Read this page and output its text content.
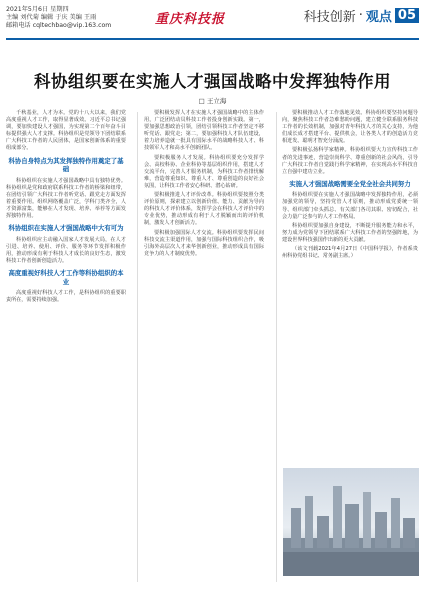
2021年5月6日 星期四
主编 刘代菊 编辑 于庆 美编 王雨
邮箱电话 cqltechbao@vip.163.com	重庆科技报	科技创新 · 观点 05
科协组织要在实施人才强国战略中发挥独特作用
□ 王立海

千秋基业，人才为本。党的十八大以来，我们党高度重视人才工作，取得显著成效。习近平总书记强调，要加快建设人才强国，为实现第二个百年奋斗目标提供强大人才支撑。科协组织是党领导下团结联系广大科技工作者的人民团体，是国家创新体系的重要组成部分。

科协自身特点为其发挥独特作用奠定了基础

科协组织在实施人才强国战略中具有独特优势。科协组织是党和政府联系科技工作者的桥梁和纽带，在团结引领广大科技工作者听党话、跟党走方面发挥着重要作用。组织网络覆盖广泛，学科门类齐全，人才资源富集，能够在人才发现、培养、举荐等方面发挥独特作用。

科协组织在实施人才强国战略中大有可为

科协组织应主动融入国家人才发展大局，在人才引进、培养、使用、评价、服务等环节发挥积极作用，推动形成有利于科技人才成长的良好生态，激发科技工作者创新创造活力。

高度重视好科技人才工作等科协组织的本业

高度重视好科技人才工作，是科协组织的重要职责所在，需要持续加强。

要积极发挥人才在实施人才强国战略中的主体作用，广泛团结动员科技工作者投身创新实践。第一，要加强思想政治引领，团结引领科技工作者坚定不移听党话、跟党走；第二，要加强科技人才队伍建设，着力培养造就一批具有国际水平的战略科技人才、科技领军人才和高水平创新团队。

要积极服务人才发展。科协组织要充分发挥学会、高校科协、企业科协等基层组织作用，搭建人才交流平台，完善人才服务机制，为科技工作者排忧解难，营造尊重知识、尊重人才、尊重创造的良好社会氛围，让科技工作者安心科研、潜心钻研。

要积极推进人才评价改革。科协组织要按照分类评价原则，探索建立以创新价值、能力、贡献为导向的科技人才评价体系，发挥学会在科技人才评价中的专业优势，推动形成有利于人才脱颖而出的评价机制，激发人才创新活力。

要积极加强国际人才交流。科协组织要发挥民间科技交流主渠道作用，加强与国际科技组织合作，吸引海外高层次人才来华创新创业，推动形成具有国际竞争力的人才制度优势。

要积极推动人才工作落地见效。科协组织要坚持问题导向，聚焦科技工作者急难愁盼问题，建立健全联系服务科技工作者的长效机制，加强对青年科技人才的关心支持，为他们成长成才搭建平台、提供机会，让各类人才的创造活力竞相迸发、聪明才智充分涌流。

要积极弘扬科学家精神。科协组织要大力宣传科技工作者的先进事迹，营造崇尚科学、尊重创新的社会风尚，引导广大科技工作者自觉践行科学家精神，在实现高水平科技自立自强中建功立业。

实施人才强国战略需要全党全社会共同努力

科协组织要在实施人才强国战略中发挥独特作用，必须加强党的领导，坚持党管人才原则，推动形成党委统一领导、组织部门牵头抓总、有关部门各司其职、密切配合，社会力量广泛参与的人才工作格局。

科协组织要加强自身建设，不断提升服务能力和水平，努力成为党领导下团结联系广大科技工作者的坚强阵地，为建设世界科技强国作出新的更大贡献。

（该文刊载2021年4月27日《中国科学报》，作者系贵州科协党组书记、常务副主席。）
